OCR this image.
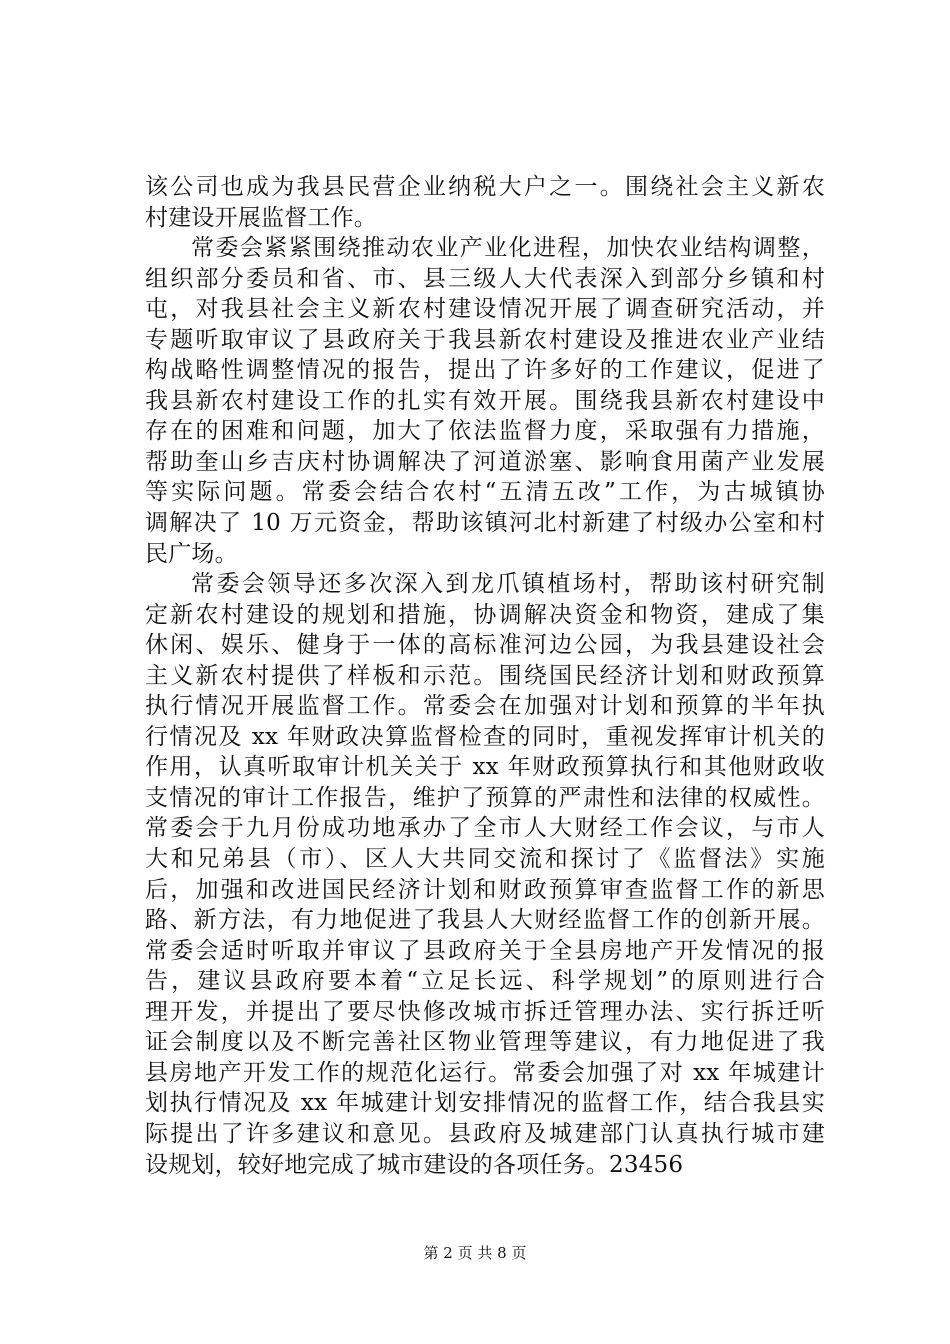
该公司也成为我县民营企业纳税大户之一。围绕社会主义新农
村建设开展监督工作。
常委会紧紧围绕推动农业产业化进程，加快农业结构调整，
组织部分委员和省、市、县三级人大代表深入到部分乡镇和村
屯，对我县社会主义新农村建设情况开展了调查研究活动，并
专题听取审议了县政府关于我县新农村建设及推进农业产业结
构战略性调整情况的报告，提出了许多好的工作建议，促进了
我县新农村建设工作的扎实有效开展。围绕我县新农村建设中
存在的困难和问题，加大了依法监督力度，采取强有力措施，
帮助奎山乡吉庆村协调解决了河道淤塞、影响食用菌产业发展
等实际问题。常委会结合农村“五清五改”工作，为古城镇协
调解决了 10 万元资金，帮助该镇河北村新建了村级办公室和村
民广场。
常委会领导还多次深入到龙爪镇植场村，帮助该村研究制
定新农村建设的规划和措施，协调解决资金和物资，建成了集
休闲、娱乐、健身于一体的高标准河边公园，为我县建设社会
主义新农村提供了样板和示范。围绕国民经济计划和财政预算
执行情况开展监督工作。常委会在加强对计划和预算的半年执
行情况及 xx 年财政决算监督检查的同时，重视发挥审计机关的
作用，认真听取审计机关关于 xx 年财政预算执行和其他财政收
支情况的审计工作报告，维护了预算的严肃性和法律的权威性。
常委会于九月份成功地承办了全市人大财经工作会议，与市人
大和兄弟县（市）、区人大共同交流和探讨了《监督法》实施
后，加强和改进国民经济计划和财政预算审查监督工作的新思
路、新方法，有力地促进了我县人大财经监督工作的创新开展。
常委会适时听取并审议了县政府关于全县房地产开发情况的报
告，建议县政府要本着“立足长远、科学规划”的原则进行合
理开发，并提出了要尽快修改城市拆迁管理办法、实行拆迁听
证会制度以及不断完善社区物业管理等建议，有力地促进了我
县房地产开发工作的规范化运行。常委会加强了对 xx 年城建计
划执行情况及 xx 年城建计划安排情况的监督工作，结合我县实
际提出了许多建议和意见。县政府及城建部门认真执行城市建
设规划，较好地完成了城市建设的各项任务。23456
第 2 页 共 8 页
